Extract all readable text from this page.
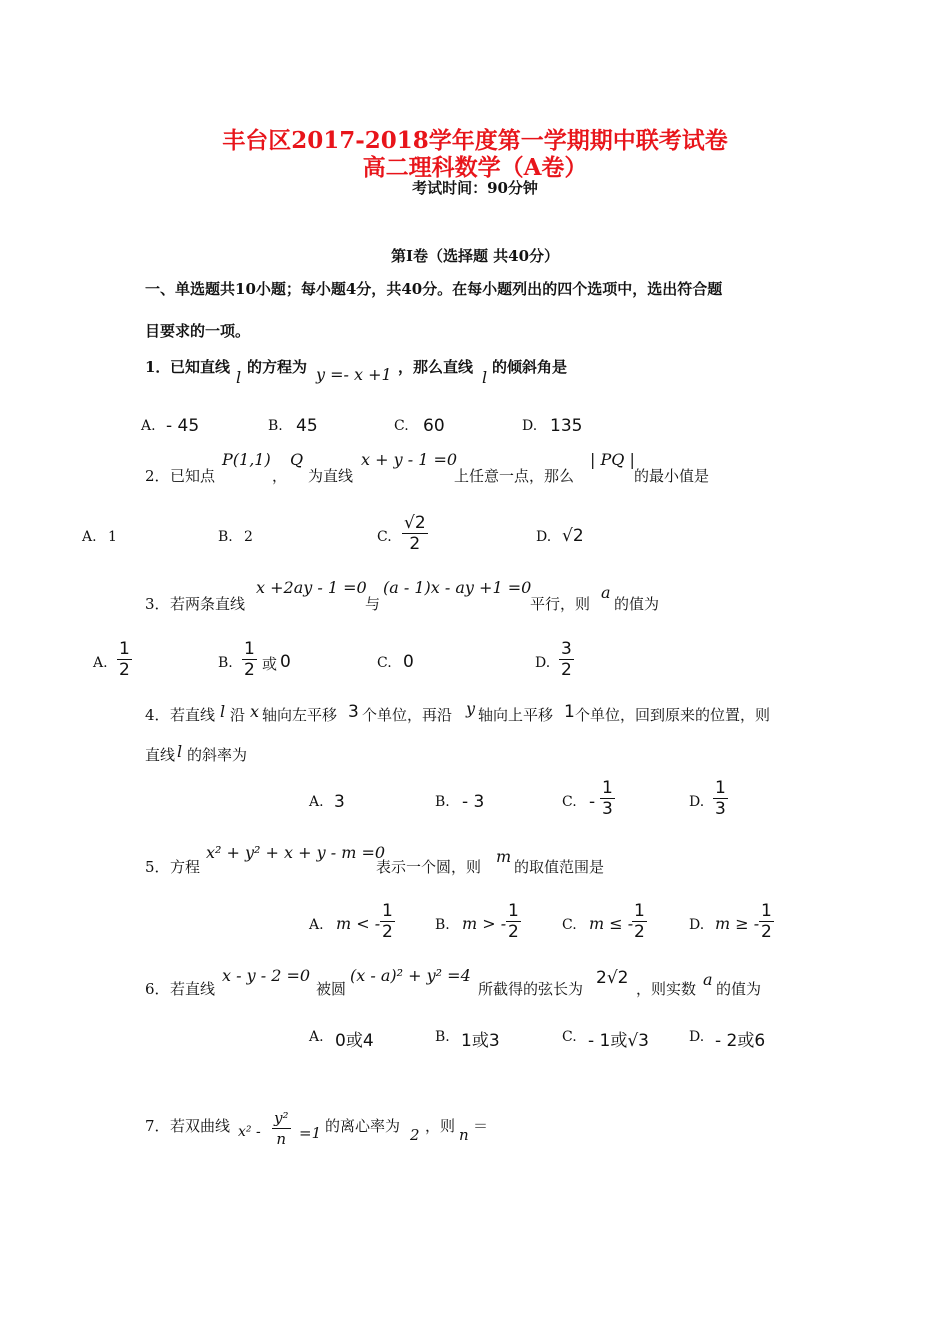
丰台区2017-2018学年度第一学期期中联考试卷
高二理科数学（A卷）
考试时间：90分钟
第Ⅰ卷（选择题 共40分）
一、单选题共10小题；每小题4分，共40分。在每小题列出的四个选项中，选出符合题
目要求的一项。
1． 已知直线
l
的方程为 y =- x +1 ，那么直线
l
的倾斜角是
A. - 45	B. 45	C. 60	D. 135
2． 已知点
P(1,1)
，
Q
为直线
x + y - 1 =0
上任意一点，那么
| PQ |
的最小值是
A. 1	B. 2	C. $\frac{√2}{2}$	D. √2
3． 若两条直线
x +2ay - 1 =0
与
(a - 1)x - ay +1 =0
平行，则
a
的值为
A. $\frac{1}{2}$	B. $\frac{1}{2}$ 或 0	C. 0	D. $\frac{3}{2}$
4． 若直线 l 沿 x 轴向左平移 3 个单位，再沿 y 轴向上平移 1 个单位，回到原来的位置，则
直线 l 的斜率为
A. 3	B. - 3	C. - $\frac{1}{3}$	D. $\frac{1}{3}$
5． 方程
x² + y² + x + y - m =0
表示一个圆，则
m
的取值范围是
A. m < - $\frac{1}{2}$	B. m > - $\frac{1}{2}$	C. m ≤ -
$\frac{1}{2}$	D. m ≥ - $\frac{1}{2}$
6． 若直线
x - y - 2 =0
被圆
(x - a)² + y² =4
所截得的弦长为
2√2
，则实数 a 的值为
A. 0或4	B. 1或3	C. - 1或√3	D. - 2或6
7． 若双曲线 $x^2 - \frac{\text{y²}}{n} =1$ 的离心率为 2 ，则 n ＝
